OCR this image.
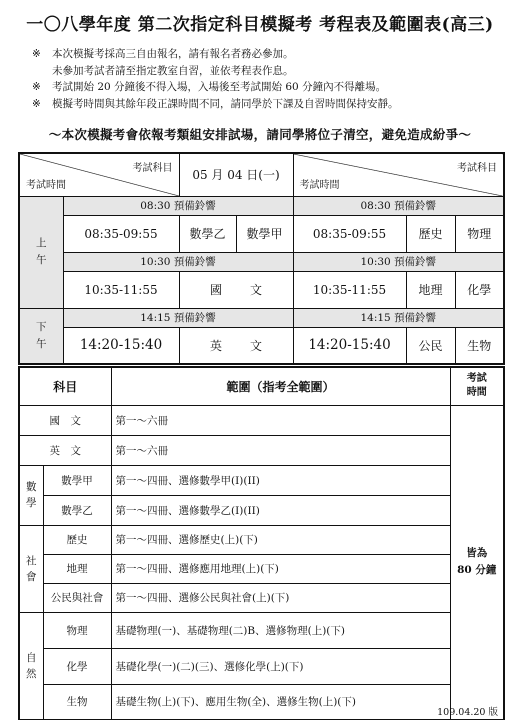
一〇八學年度 第二次指定科目模擬考 考程表及範圍表(高三)
※ 本次模擬考採高三自由報名，請有報名者務必參加。
未參加考試者請至指定教室自習，並依考程表作息。
※ 考試開始 20 分鐘後不得入場，入場後至考試開始 60 分鐘內不得離場。
※ 模擬考時間與其餘年段正課時間不同，請同學於下課及自習時間保持安靜。
～本次模擬考會依報考類組安排試場，請同學將位子清空，避免造成紛爭～
考試科目
考試時間		05 月 04 日(一)		考試科目
考試時間		

上
午	08:30 預備鈴響			08:30 預備鈴響		
	08:35-09:55	數學乙	數學甲	08:35-09:55	歷史	物理
	10:30 預備鈴響			10:30 預備鈴響		
	10:35-11:55	國文		10:35-11:55	地理	化學

下
午	14:15 預備鈴響			14:15 預備鈴響		
	14:20-15:40	英文		14:20-15:40	公民	生物
科目		範圍（指考全範圍）	考試
時間

國　文		第一～六冊	皆為
80 分鐘

英　文		第一～六冊	

數
學	數學甲	第一～四冊、選修數學甲(I)(II)	
	數學乙	第一～四冊、選修數學乙(I)(II)	

社
會	歷史	第一～四冊、選修歷史(上)(下)	
	地理	第一～四冊、選修應用地理(上)(下)	
	公民與社會	第一～四冊、選修公民與社會(上)(下)	

自
然	物理	基礎物理(一)、基礎物理(二)B、選修物理(上)(下)	
	化學	基礎化學(一)(二)(三)、選修化學(上)(下)	
	生物	基礎生物(上)(下)、應用生物(全)、選修生物(上)(下)	
109.04.20 版
